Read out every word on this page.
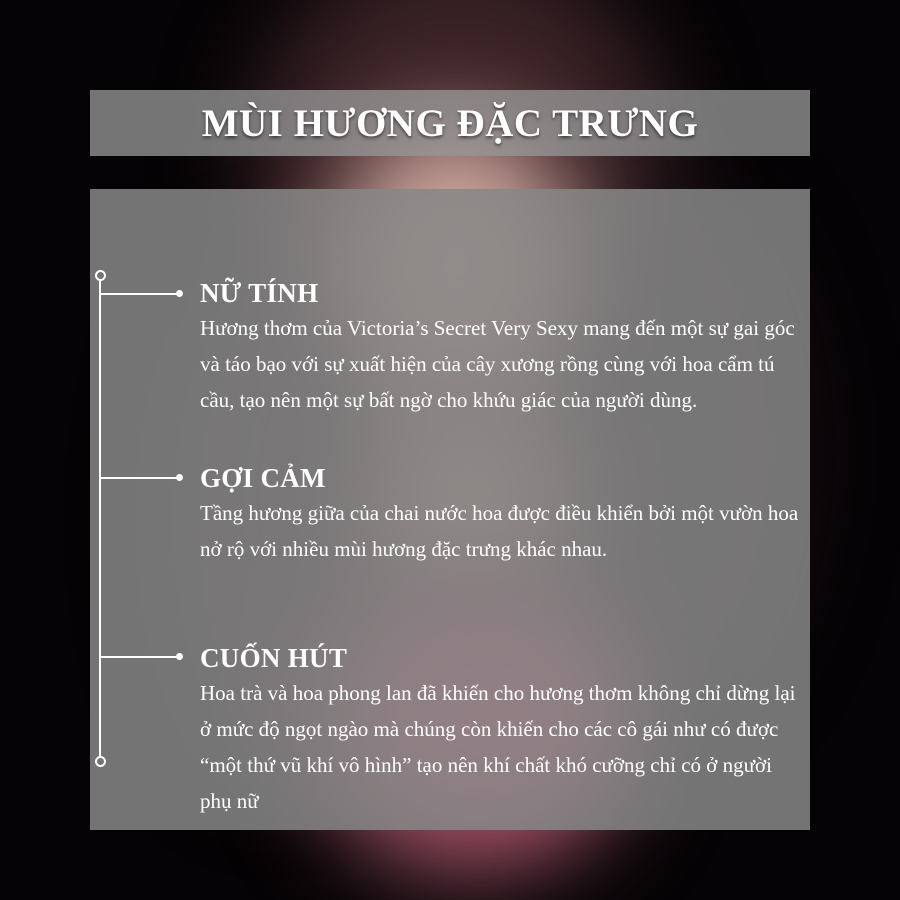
MÙI HƯƠNG ĐẶC TRƯNG
NỮ TÍNH

Hương thơm của Victoria’s Secret Very Sexy mang đến một sự gai góc và táo bạo với sự xuất hiện của cây xương rồng cùng với hoa cẩm tú cầu, tạo nên một sự bất ngờ cho khứu giác của người dùng.

GỢI CẢM

Tầng hương giữa của chai nước hoa được điều khiển bởi một vườn hoa nở rộ với nhiều mùi hương đặc trưng khác nhau.

CUỐN HÚT

Hoa trà và hoa phong lan đã khiến cho hương thơm không chỉ dừng lại ở mức độ ngọt ngào mà chúng còn khiến cho các cô gái như có được “một thứ vũ khí vô hình” tạo nên khí chất khó cưỡng chỉ có ở người phụ nữ
